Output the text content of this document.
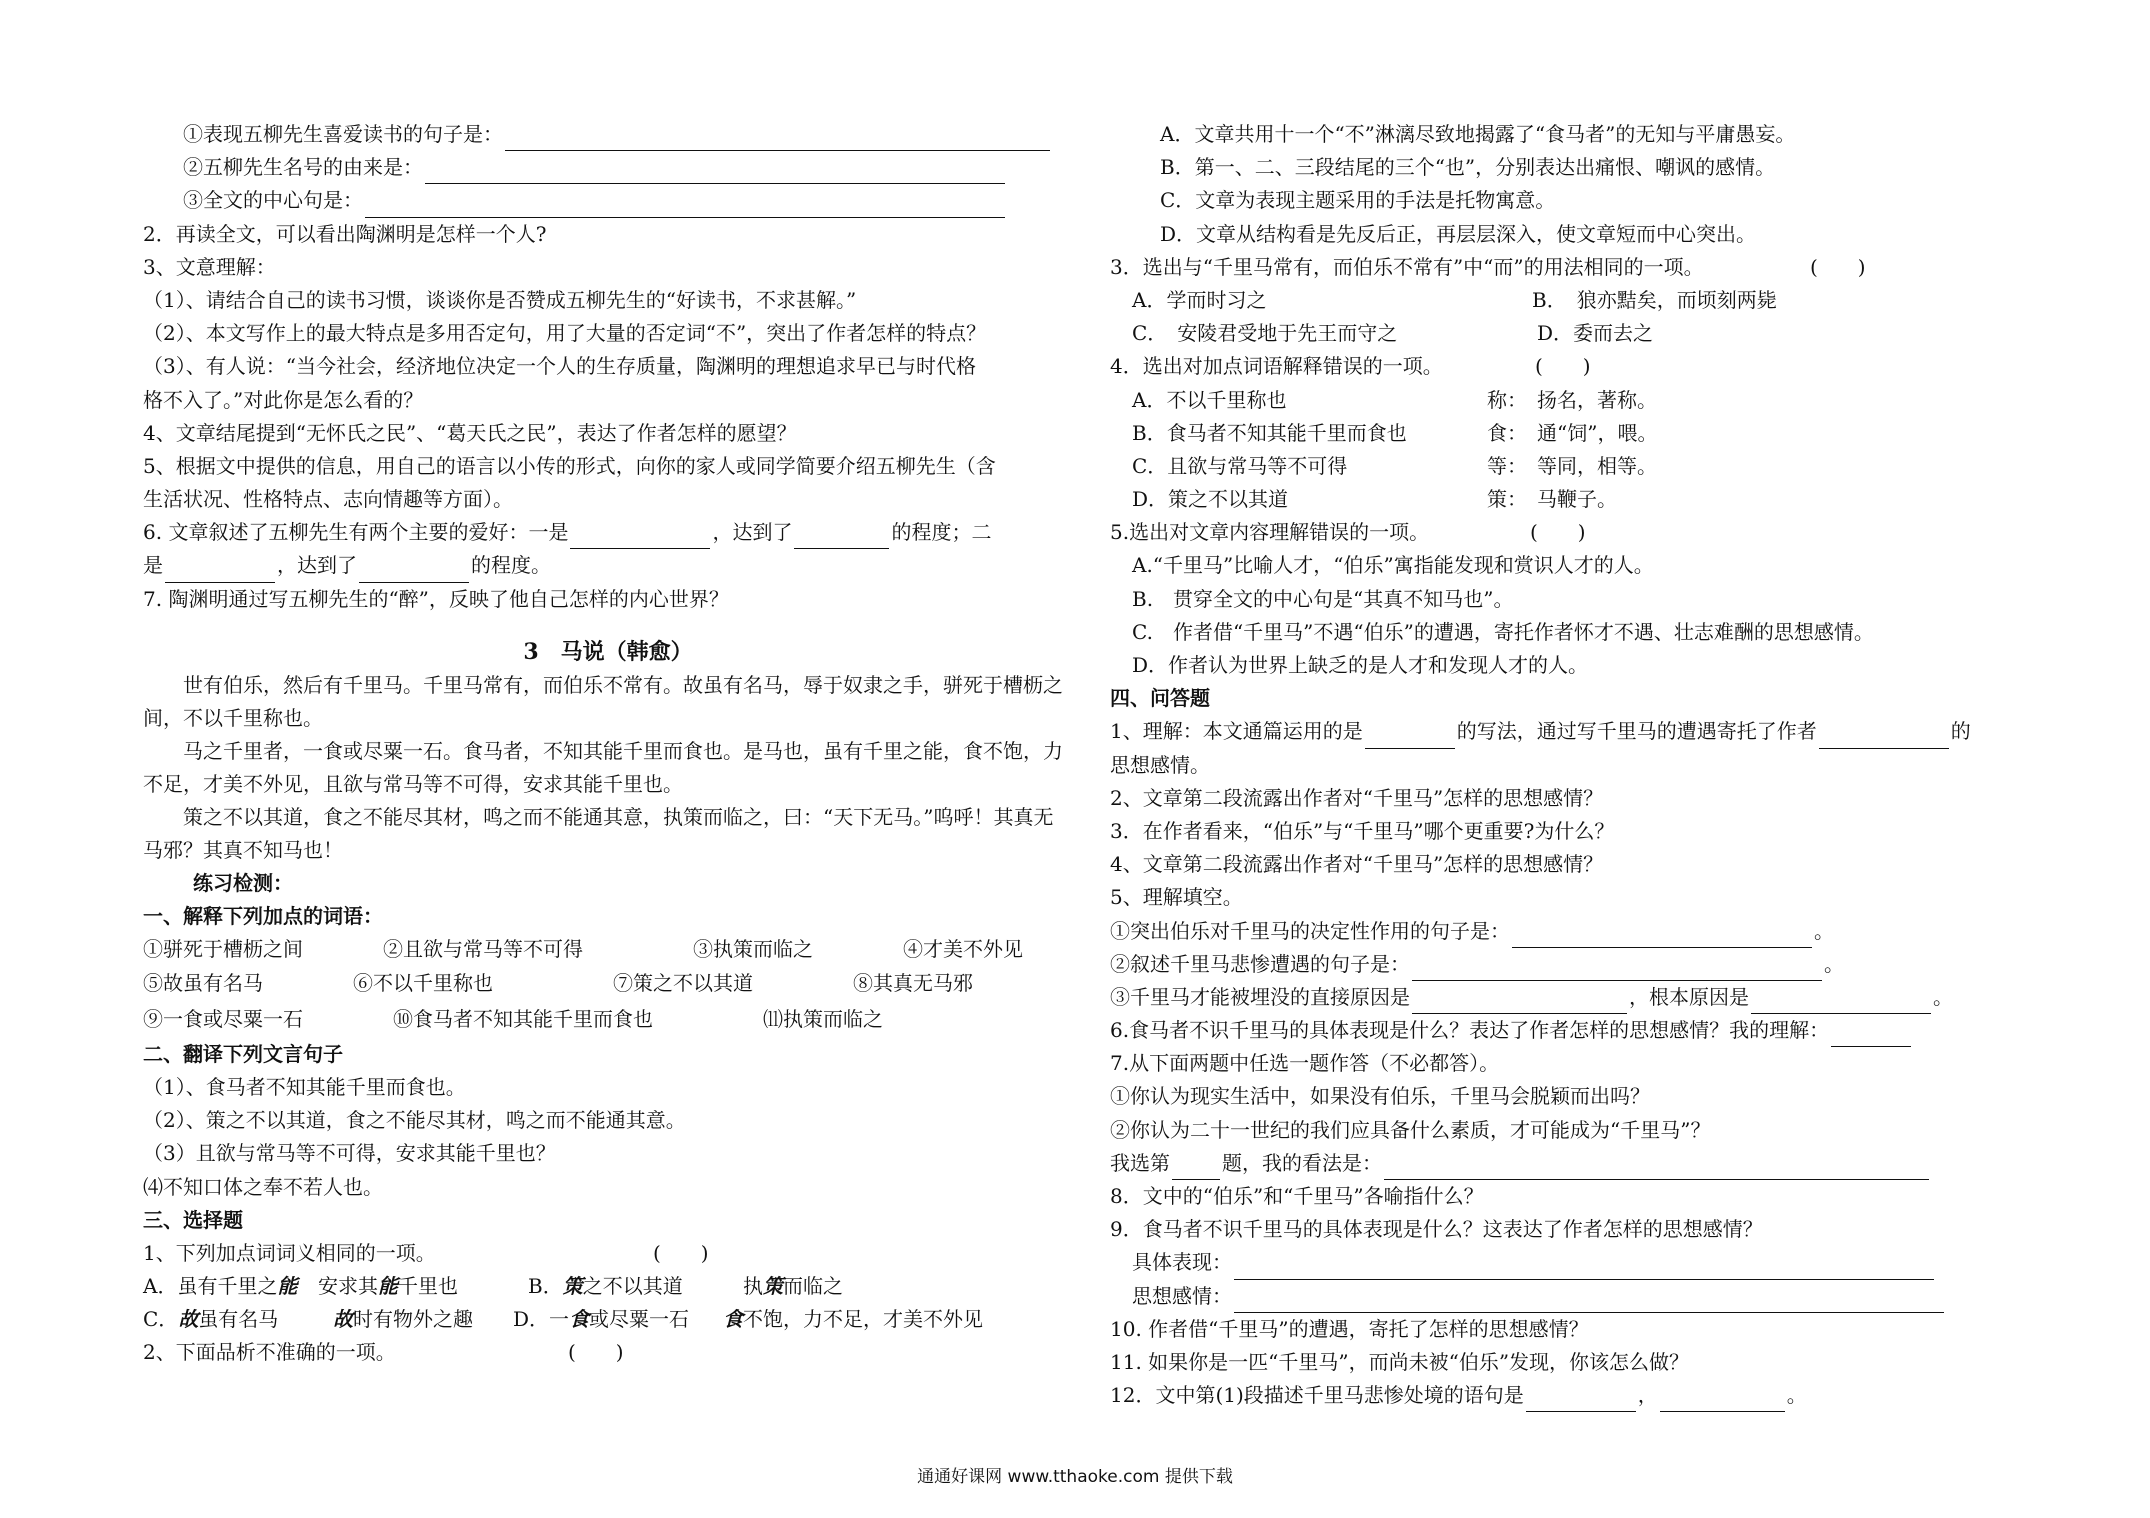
①表现五柳先生喜爱读书的句子是：
②五柳先生名号的由来是：
③全文的中心句是：
2．再读全文，可以看出陶渊明是怎样一个人?
3、文意理解：
（1）、请结合自己的读书习惯，谈谈你是否赞成五柳先生的“好读书，不求甚解。”
（2）、本文写作上的最大特点是多用否定句，用了大量的否定词“不”，突出了作者怎样的特点？
（3）、有人说：“当今社会，经济地位决定一个人的生存质量，陶渊明的理想追求早已与时代格
格不入了。”对此你是怎么看的？
4、文章结尾提到“无怀氏之民”、“葛天氏之民”，表达了作者怎样的愿望？
5、根据文中提供的信息，用自己的语言以小传的形式，向你的家人或同学简要介绍五柳先生（含
生活状况、性格特点、志向情趣等方面）。
6. 文章叙述了五柳先生有两个主要的爱好：一是	，达到了	的程度；二
是	，达到了	的程度。
7. 陶渊明通过写五柳先生的“醉”，反映了他自己怎样的内心世界？
3　马说（韩愈）
世有伯乐，然后有千里马。千里马常有，而伯乐不常有。故虽有名马，辱于奴隶之手，骈死于槽枥之间，不以千里称也。
马之千里者，一食或尽粟一石。食马者，不知其能千里而食也。是马也，虽有千里之能，食不饱，力不足，才美不外见，且欲与常马等不可得，安求其能千里也。
策之不以其道，食之不能尽其材，鸣之而不能通其意，执策而临之，曰：“天下无马。”呜呼！其真无马邪？其真不知马也！
练习检测：
一、解释下列加点的词语：
①骈死于槽枥之间	②且欲与常马等不可得	③执策而临之	④才美不外见
⑤故虽有名马	⑥不以千里称也	⑦策之不以其道	⑧其真无马邪
⑨一食或尽粟一石	⑩食马者不知其能千里而食也	⑾执策而临之
二、翻译下列文言句子
（1）、食马者不知其能千里而食也。
（2）、策之不以其道，食之不能尽其材，鸣之而不能通其意。
（3）且欲与常马等不可得，安求其能千里也？
⑷不知口体之奉不若人也。
三、选择题
1、下列加点词词义相同的一项。	(　　)
A．虽有千里之能 安求其能千里也	B．策之不以其道	执策而临之
C．故虽有名马	故时有物外之趣 D．一食或尽粟一石 食不饱，力不足，才美不外见
2、下面品析不准确的一项。	(　　)
A．文章共用十一个“不”淋漓尽致地揭露了“食马者”的无知与平庸愚妄。
B．第一、二、三段结尾的三个“也”，分别表达出痛恨、嘲讽的感情。
C．文章为表现主题采用的手法是托物寓意。
D．文章从结构看是先反后正，再层层深入，使文章短而中心突出。
3．选出与“千里马常有，而伯乐不常有”中“而”的用法相同的一项。	(　　)
A．学而时习之	B．　狼亦黠矣，而顷刻两毙
C．　安陵君受地于先王而守之	D．委而去之
4．选出对加点词语解释错误的一项。	(　　)
A．不以千里称也	称：　扬名，著称。
B．食马者不知其能千里而食也	食：　通“饲”，喂。
C．且欲与常马等不可得	等：　等同，相等。
D．策之不以其道	策：　马鞭子。
5.选出对文章内容理解错误的一项。	(　　)
A.“千里马”比喻人才，“伯乐”寓指能发现和赏识人才的人。
B.　贯穿全文的中心句是“其真不知马也”。
C.　作者借“千里马”不遇“伯乐”的遭遇，寄托作者怀才不遇、壮志难酬的思想感情。
D．作者认为世界上缺乏的是人才和发现人才的人。
四、问答题
1、理解：本文通篇运用的是	的写法，通过写千里马的遭遇寄托了作者	的
思想感情。
2、文章第二段流露出作者对“千里马”怎样的思想感情？
3．在作者看来，“伯乐”与“千里马”哪个更重要?为什么？
4、文章第二段流露出作者对“千里马”怎样的思想感情？
5、理解填空。
①突出伯乐对千里马的决定性作用的句子是：	。
②叙述千里马悲惨遭遇的句子是：	。
③千里马才能被埋没的直接原因是	，根本原因是	。
6.食马者不识千里马的具体表现是什么？表达了作者怎样的思想感情？我的理解：
7.从下面两题中任选一题作答（不必都答）。
①你认为现实生活中，如果没有伯乐，千里马会脱颖而出吗？
②你认为二十一世纪的我们应具备什么素质，才可能成为“千里马”？
我选第	题，我的看法是：
8．文中的“伯乐”和“千里马”各喻指什么？
9．食马者不识千里马的具体表现是什么？这表达了作者怎样的思想感情？
具体表现：
思想感情：
10. 作者借“千里马”的遭遇，寄托了怎样的思想感情？
11. 如果你是一匹“千里马”，而尚未被“伯乐”发现，你该怎么做？
12．文中第(1)段描述千里马悲惨处境的语句是	，	。
通通好课网 www.tthaoke.com 提供下载
